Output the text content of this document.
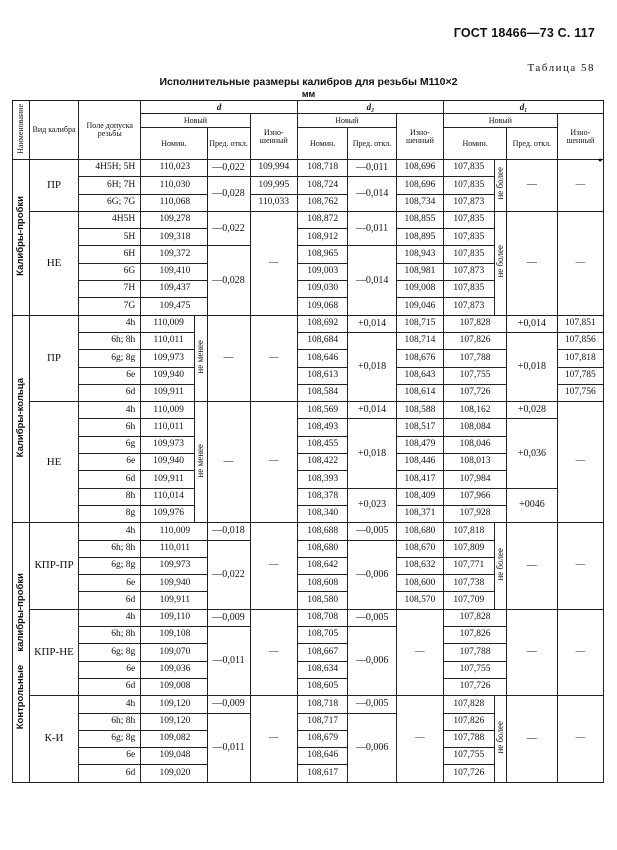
ГОСТ 18466—73 С. 117
Таблица 58
Исполнительные размеры калибров для резьбы М110×2
мм
Наименование	Вид калибра	Поле допуска резьбы	d				d₂			d₁			
			Новый			Изно-шенный	Новый		Изно-шенный	Новый			Изно-шенный
			Номин.		Пред. откл.		Номин.	Пред. откл.		Номин.		Пред. откл.	
Калибры-пробки	ПР	4Н5Н; 5Н	110,023		—0,022	109,994	108,718	—0,011	108,696	107,835	не более	—	—
		6Н; 7Н	110,030		—0,028	109,995	108,724	—0,014	108,696	107,835			
		6G; 7G	110,068			110,033	108,762		108,734	107,873			
	НЕ	4Н5Н	109,278		—0,022	—	108,872	—0,011	108,855	107,835	не более	—	—
		5Н	109,318				108,912		108,895	107,835			
		6Н	109,372		—0,028		108,965	—0,014	108,943	107,835			
		6G	109,410				109,003		108,981	107,873			
		7Н	109,437				109,030		109,008	107,835			
		7G	109,475				109,068		109,046	107,873			
Калибры-кольца	ПР	4h	110,009	не менее	—	—	108,692	+0,014	108,715	107,828		+0,014	107,851
		6h; 8h	110,011				108,684	+0,018	108,714	107,826		+0,018	107,856
		6g; 8g	109,973				108,646		108,676	107,788			107,818
		6e	109,940				108,613		108,643	107,755			107,785
		6d	109,911				108,584		108,614	107,726			107,756
	НЕ	4h	110,009	не менее	—	—	108,569	+0,014	108,588	108,162		+0,028	—
		6h	110,011				108,493	+0,018	108,517	108,084		+0,036	
		6g	109,973				108,455		108,479	108,046			
		6e	109,940				108,422		108,446	108,013			
		6d	109,911				108,393		108,417	107,984			
		8h	110,014				108,378	+0,023	108,409	107,966		+0046	
		8g	109,976				108,340		108,371	107,928			
Контрольные     калибры-пробки	КПР-ПР	4h	110,009		—0,018	—	108,688	—0,005	108,680	107,818	не более	—	—
		6h; 8h	110,011		—0,022		108,680	—0,006	108,670	107,809			
		6g; 8g	109,973				108,642		108,632	107,771			
		6e	109,940				108,608		108,600	107,738			
		6d	109,911				108,580		108,570	107,709			
	КПР-НЕ	4h	109,110		—0,009	—	108,708	—0,005	—	107,828		—	—
		6h; 8h	109,108		—0,011		108,705	—0,006		107,826			
		6g; 8g	109,070				108,667			107,788			
		6e	109,036				108,634			107,755			
		6d	109,008				108,605			107,726			
	К-И	4h	109,120		—0,009	—	108,718	—0,005	—	107,828	не более	—	—
		6h; 8h	109,120		—0,011		108,717	—0,006		107,826			
		6g; 8g	109,082				108,679			107,788			
		6e	109,048				108,646			107,755			
		6d	109,020				108,617			107,726			
●
